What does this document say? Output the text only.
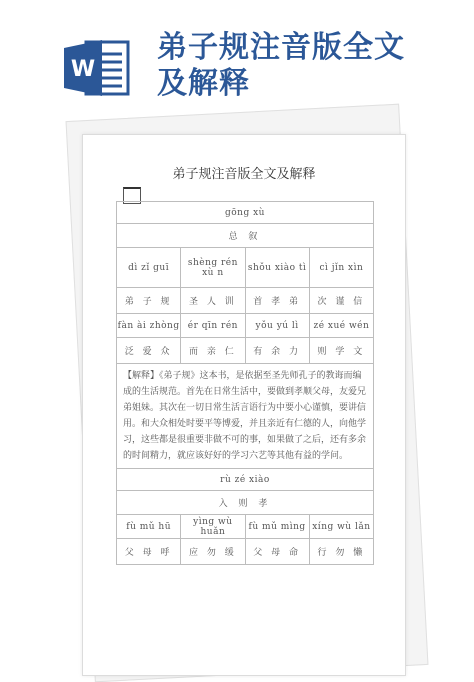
W
弟子规注音版全文
及解释
弟子规注音版全文及解释
gōng xù			
总 叙			
dì zǐ guī	shèng rén xù n	shǒu xiào tì	cì jǐn xìn
弟 子 规	圣 人 训	首 孝 弟	次 谨 信
fàn ài zhòng	ér qīn rén	yǒu yú lì	zé xué wén
泛 爱 众	而 亲 仁	有 余 力	则 学 文
【解释】《弟子规》这本书，是依据至圣先师孔子的教诲而编成的生活规范。首先在日常生活中，要做到孝顺父母，友爱兄弟姐妹。其次在一切日常生活言语行为中要小心谨慎，要讲信用。和大众相处时要平等博爱，并且亲近有仁德的人，向他学习，这些都是很重要非做不可的事，如果做了之后，还有多余的时间精力，就应该好好的学习六艺等其他有益的学问。			
rù zé xiào			
入 则 孝			
fù mǔ hū	yìng wù huǎn	fù mǔ mìng	xíng wù lǎn
父 母 呼	应 勿 缓	父 母 命	行 勿 懒
